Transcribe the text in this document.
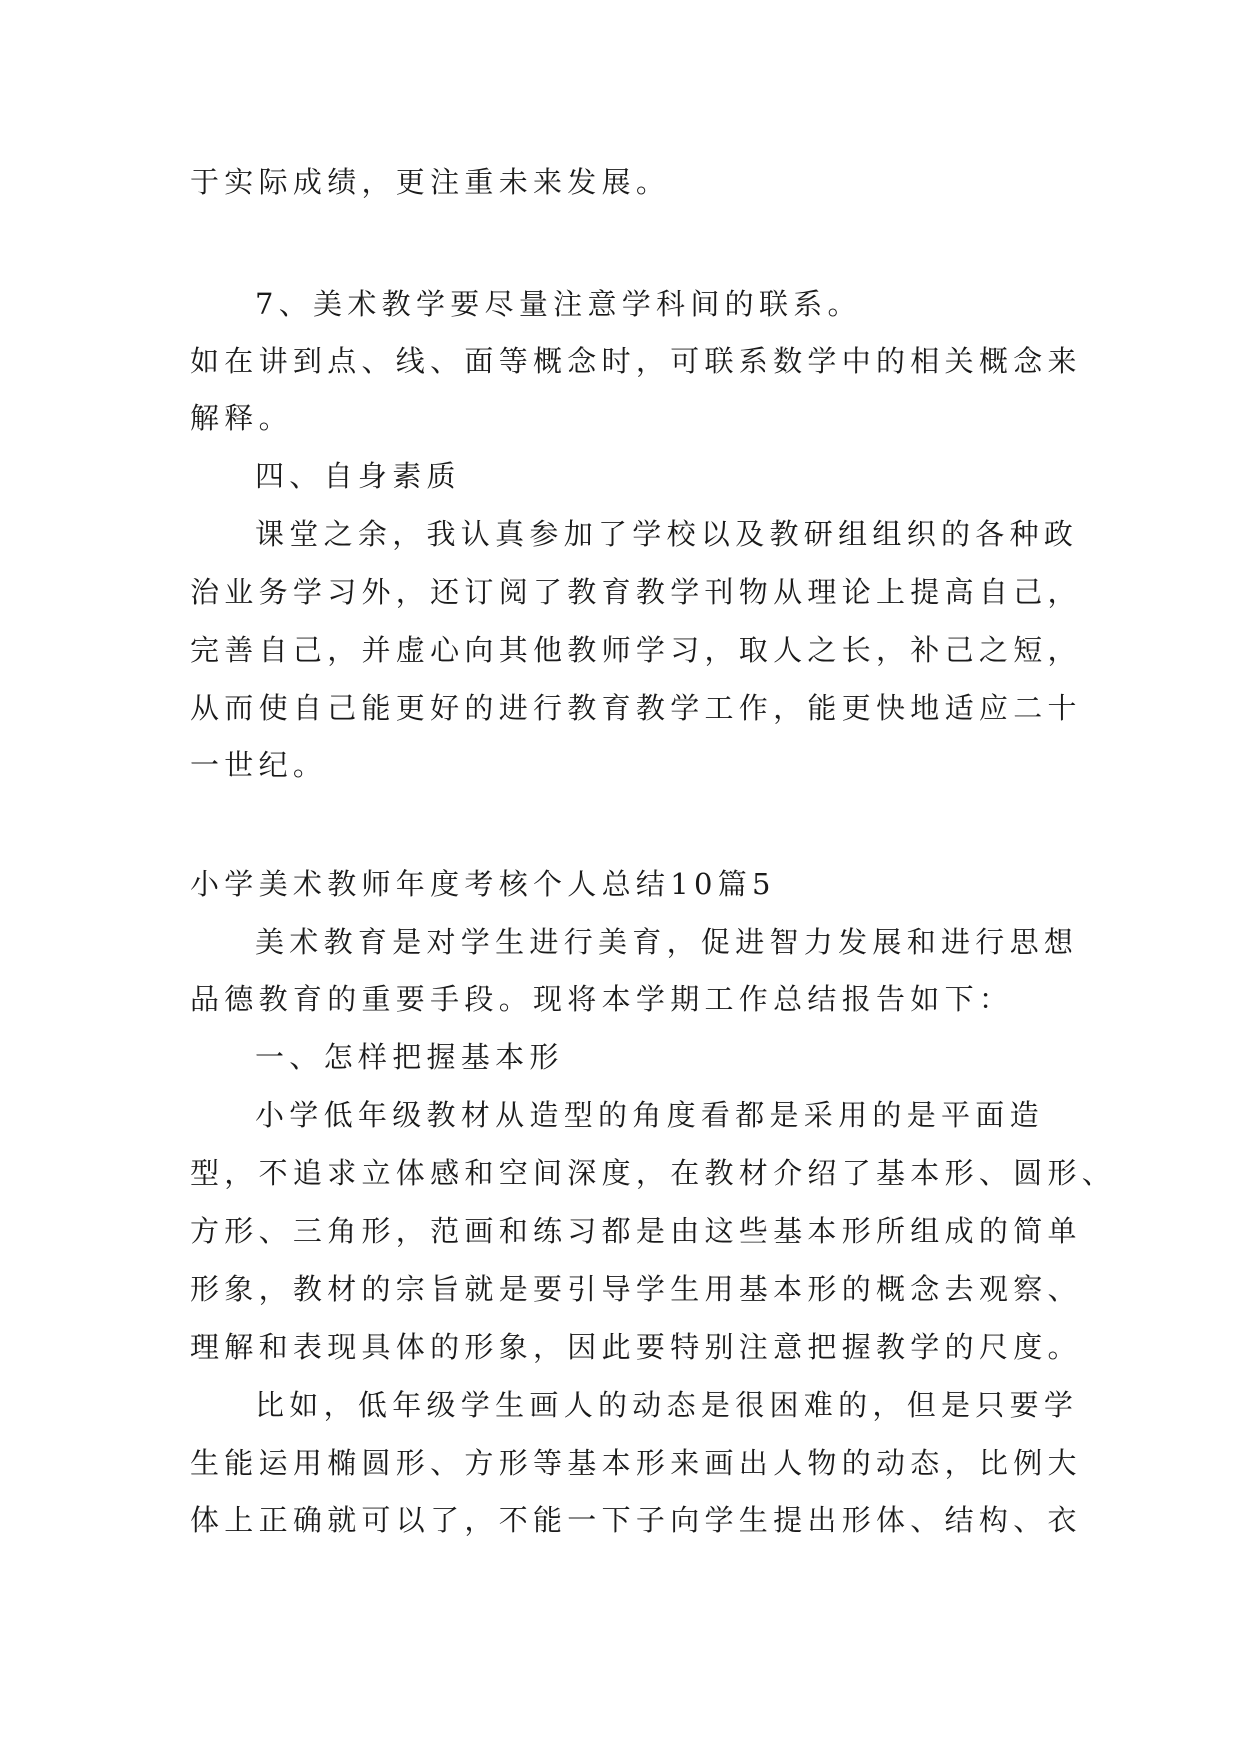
于实际成绩，更注重未来发展。
7、美术教学要尽量注意学科间的联系。
如在讲到点、线、面等概念时，可联系数学中的相关概念来
解释。
四、自身素质
课堂之余，我认真参加了学校以及教研组组织的各种政
治业务学习外，还订阅了教育教学刊物从理论上提高自己，
完善自己，并虚心向其他教师学习，取人之长，补己之短，
从而使自己能更好的进行教育教学工作，能更快地适应二十
一世纪。
小学美术教师年度考核个人总结10篇5
美术教育是对学生进行美育，促进智力发展和进行思想
品德教育的重要手段。现将本学期工作总结报告如下：
一、怎样把握基本形
小学低年级教材从造型的角度看都是采用的是平面造
型，不追求立体感和空间深度，在教材介绍了基本形、圆形、
方形、三角形，范画和练习都是由这些基本形所组成的简单
形象，教材的宗旨就是要引导学生用基本形的概念去观察、
理解和表现具体的形象，因此要特别注意把握教学的尺度。
比如，低年级学生画人的动态是很困难的，但是只要学
生能运用椭圆形、方形等基本形来画出人物的动态，比例大
体上正确就可以了，不能一下子向学生提出形体、结构、衣
